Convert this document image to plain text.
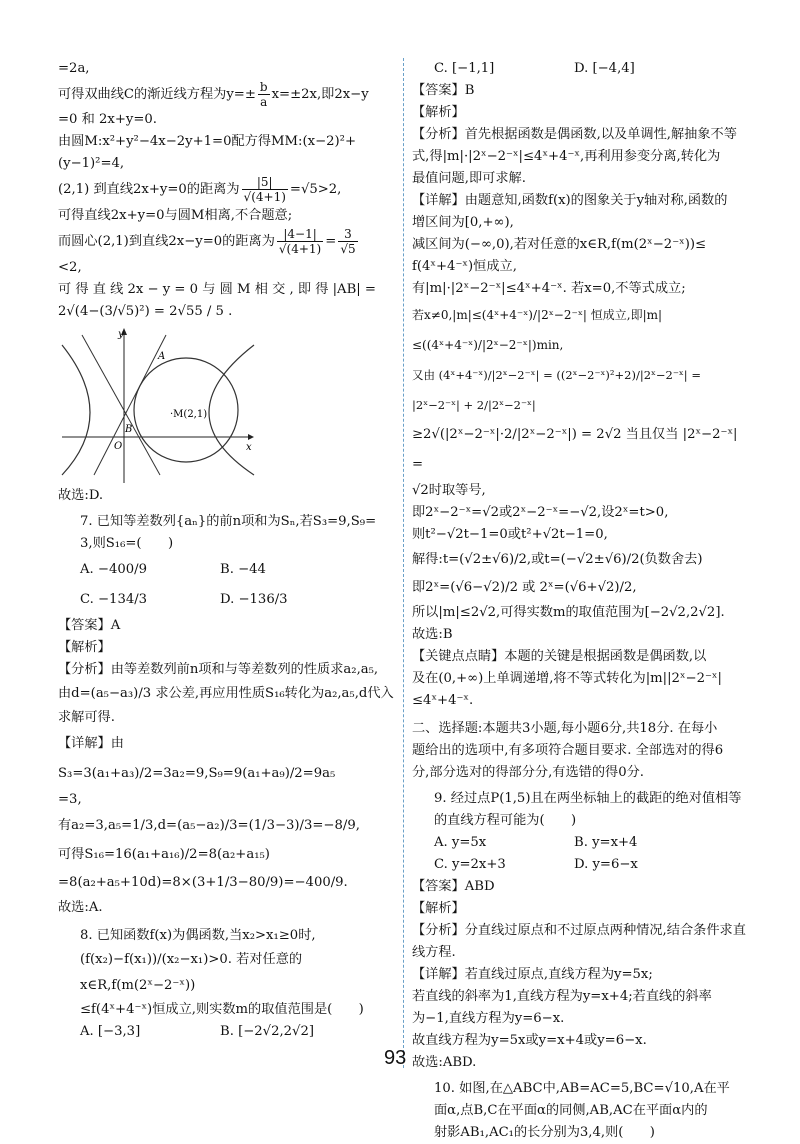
=2a,

可得双曲线C的渐近线方程为$y=\pm \frac{b}{a} x=\pm 2x$,即2x−y

=0 和 2x+y=0.

由圆M:x²+y²−4x−2y+1=0配方得MM:(x−2)²+

(y−1)²=4,

(2,1) 到直线2x+y=0的距离为 $\frac{|5|}{√(4+1)} =√5>2$,

可得直线2x+y=0与圆M相离,不合题意;

而圆心(2,1)到直线2x−y=0的距离为 $\frac{|4-1|}{√(4+1)} = \frac{3}{√5}$

<2,

可 得 直 线 2x − y = 0 与 圆 M 相 交 , 即 得 |AB| =

2√(4−(3/√5)²) = 2√55 / 5 .

y
x
A
B
O
·M(2,1)

故选:D.

7. 已知等差数列{aₙ}的前n项和为Sₙ,若S₃=9,S₉=

3,则S₁₆=(　　)

A. −400/9	B. −44

C. −134/3	D. −136/3

【答案】A

【解析】

【分析】由等差数列前n项和与等差数列的性质求a₂,a₅,

由d=(a₅−a₃)/3 求公差,再应用性质S₁₆转化为a₂,a₅,d代入

求解可得.

【详解】由S₃=3(a₁+a₃)/2=3a₂=9,S₉=9(a₁+a₉)/2=9a₅

=3,

有a₂=3,a₅=1/3,d=(a₅−a₂)/3=(1/3−3)/3=−8/9,

可得S₁₆=16(a₁+a₁₆)/2=8(a₂+a₁₅)

=8(a₂+a₅+10d)=8×(3+1/3−80/9)=−400/9.

故选:A.

8. 已知函数f(x)为偶函数,当x₂>x₁≥0时,

(f(x₂)−f(x₁))/(x₂−x₁)>0. 若对任意的x∈R,f(m(2ˣ−2⁻ˣ))

≤f(4ˣ+4⁻ˣ)恒成立,则实数m的取值范围是(　　)

A. [−3,3]	B. [−2√2,2√2]

C. [−1,1]	D. [−4,4]

【答案】B

【解析】

【分析】首先根据函数是偶函数,以及单调性,解抽象不等

式,得|m|·|2ˣ−2⁻ˣ|≤4ˣ+4⁻ˣ,再利用参变分离,转化为

最值问题,即可求解.

【详解】由题意知,函数f(x)的图象关于y轴对称,函数的

增区间为[0,+∞),

减区间为(−∞,0),若对任意的x∈R,f(m(2ˣ−2⁻ˣ))≤

f(4ˣ+4⁻ˣ)恒成立,

有|m|·|2ˣ−2⁻ˣ|≤4ˣ+4⁻ˣ. 若x=0,不等式成立;

若x≠0,|m|≤(4ˣ+4⁻ˣ)/|2ˣ−2⁻ˣ| 恒成立,即|m|≤((4ˣ+4⁻ˣ)/|2ˣ−2⁻ˣ|)min,

又由 (4ˣ+4⁻ˣ)/|2ˣ−2⁻ˣ| = ((2ˣ−2⁻ˣ)²+2)/|2ˣ−2⁻ˣ| = |2ˣ−2⁻ˣ| + 2/|2ˣ−2⁻ˣ|

≥2√(|2ˣ−2⁻ˣ|·2/|2ˣ−2⁻ˣ|) = 2√2 当且仅当 |2ˣ−2⁻ˣ| =

√2时取等号,

即2ˣ−2⁻ˣ=√2或2ˣ−2⁻ˣ=−√2,设2ˣ=t>0,

则t²−√2t−1=0或t²+√2t−1=0,

解得:t=(√2±√6)/2,或t=(−√2±√6)/2(负数舍去)

即2ˣ=(√6−√2)/2 或 2ˣ=(√6+√2)/2,

所以|m|≤2√2,可得实数m的取值范围为[−2√2,2√2].

故选:B

【关键点点睛】本题的关键是根据函数是偶函数,以

及在(0,+∞)上单调递增,将不等式转化为|m||2ˣ−2⁻ˣ|

≤4ˣ+4⁻ˣ.

二、选择题:本题共3小题,每小题6分,共18分. 在每小

题给出的选项中,有多项符合题目要求. 全部选对的得6

分,部分选对的得部分分,有选错的得0分.

9. 经过点P(1,5)且在两坐标轴上的截距的绝对值相等

的直线方程可能为(　　)

A. y=5x	B. y=x+4

C. y=2x+3	D. y=6−x

【答案】ABD

【解析】

【分析】分直线过原点和不过原点两种情况,结合条件求直

线方程.

【详解】若直线过原点,直线方程为y=5x;

若直线的斜率为1,直线方程为y=x+4;若直线的斜率

为−1,直线方程为y=6−x.

故直线方程为y=5x或y=x+4或y=6−x.

故选:ABD.

10. 如图,在△ABC中,AB=AC=5,BC=√10,A在平

面α,点B,C在平面α的同侧,AB,AC在平面α内的

射影AB₁,AC₁的长分别为3,4,则(　　)

93
